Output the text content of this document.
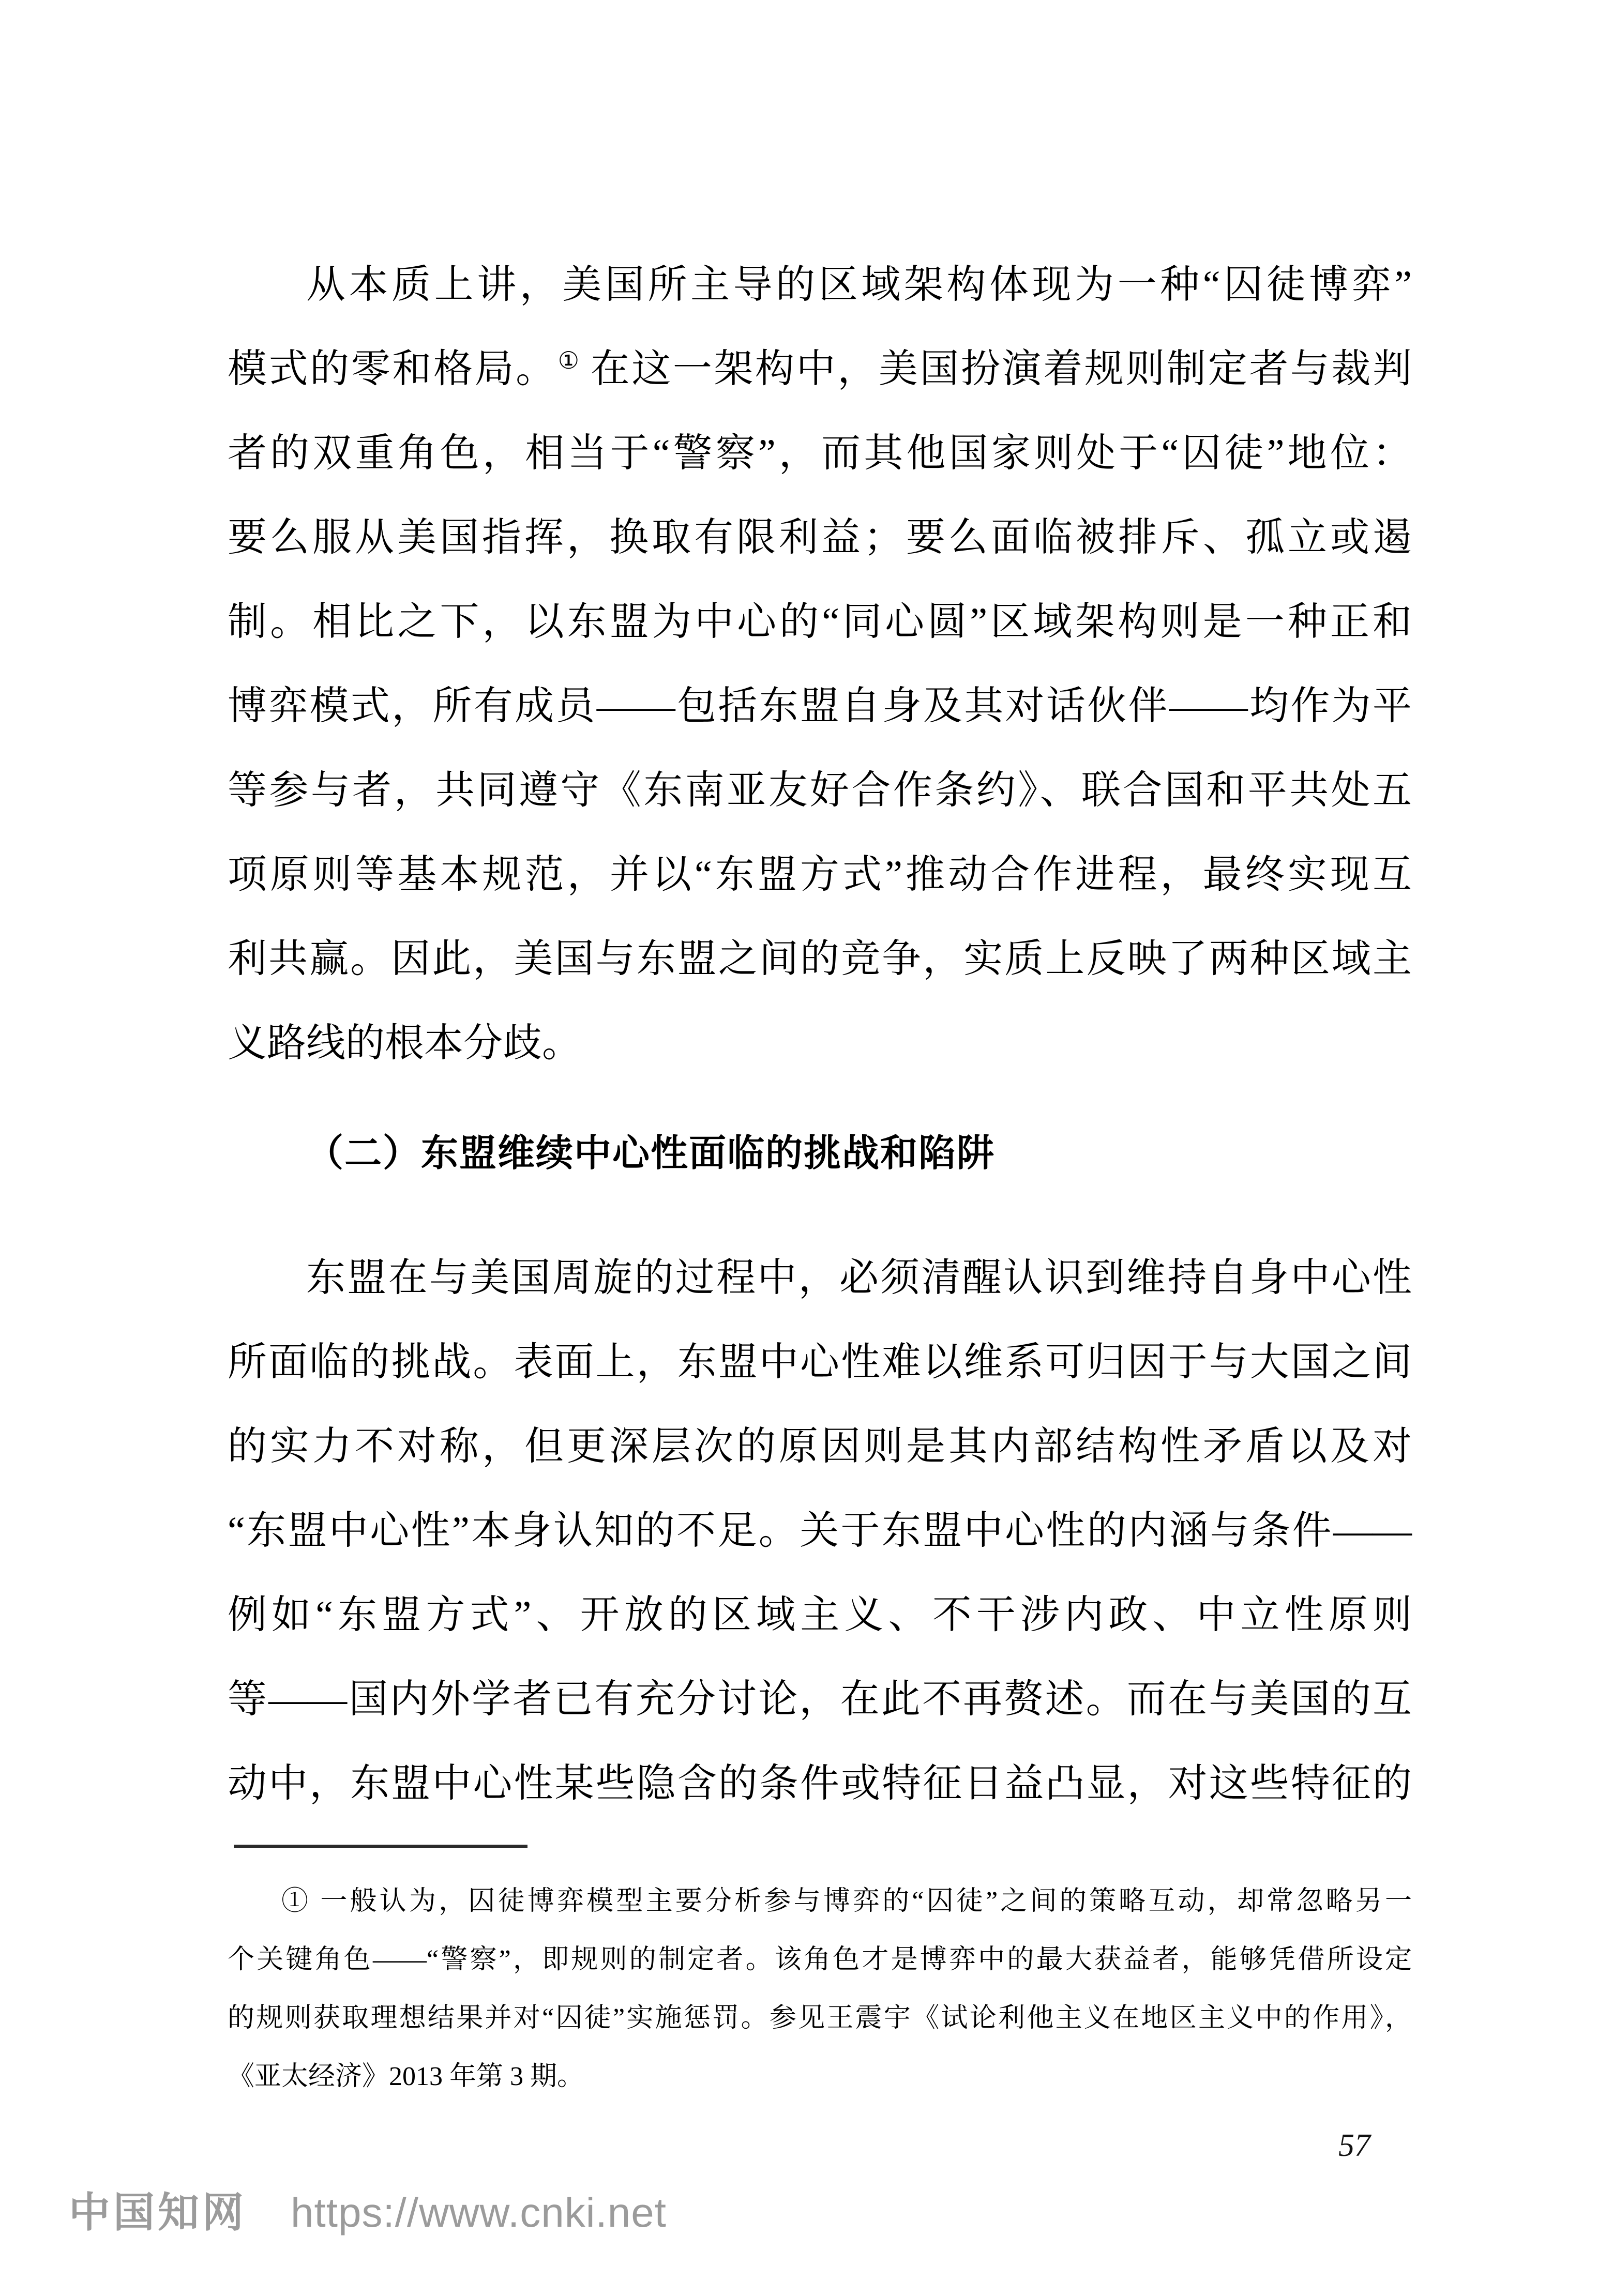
从本质上讲，美国所主导的区域架构体现为一种“囚徒博弈”
模式的零和格局。① 在这一架构中，美国扮演着规则制定者与裁判
者的双重角色，相当于“警察”，而其他国家则处于“囚徒”地位：
要么服从美国指挥，换取有限利益；要么面临被排斥、孤立或遏
制。相比之下，以东盟为中心的“同心圆”区域架构则是一种正和
博弈模式，所有成员——包括东盟自身及其对话伙伴——均作为平
等参与者，共同遵守《东南亚友好合作条约》、联合国和平共处五
项原则等基本规范，并以“东盟方式”推动合作进程，最终实现互
利共赢。因此，美国与东盟之间的竞争，实质上反映了两种区域主
义路线的根本分歧。
（二）东盟维续中心性面临的挑战和陷阱
东盟在与美国周旋的过程中，必须清醒认识到维持自身中心性
所面临的挑战。表面上，东盟中心性难以维系可归因于与大国之间
的实力不对称，但更深层次的原因则是其内部结构性矛盾以及对
“东盟中心性”本身认知的不足。关于东盟中心性的内涵与条件——
例如“东盟方式”、开放的区域主义、不干涉内政、中立性原则
等——国内外学者已有充分讨论，在此不再赘述。而在与美国的互
动中，东盟中心性某些隐含的条件或特征日益凸显，对这些特征的
① 一般认为，囚徒博弈模型主要分析参与博弈的“囚徒”之间的策略互动，却常忽略另一
个关键角色——“警察”，即规则的制定者。该角色才是博弈中的最大获益者，能够凭借所设定
的规则获取理想结果并对“囚徒”实施惩罚。参见王震宇《试论利他主义在地区主义中的作用》，
《亚太经济》2013 年第 3 期。
57
中国知网 https://www.cnki.net
